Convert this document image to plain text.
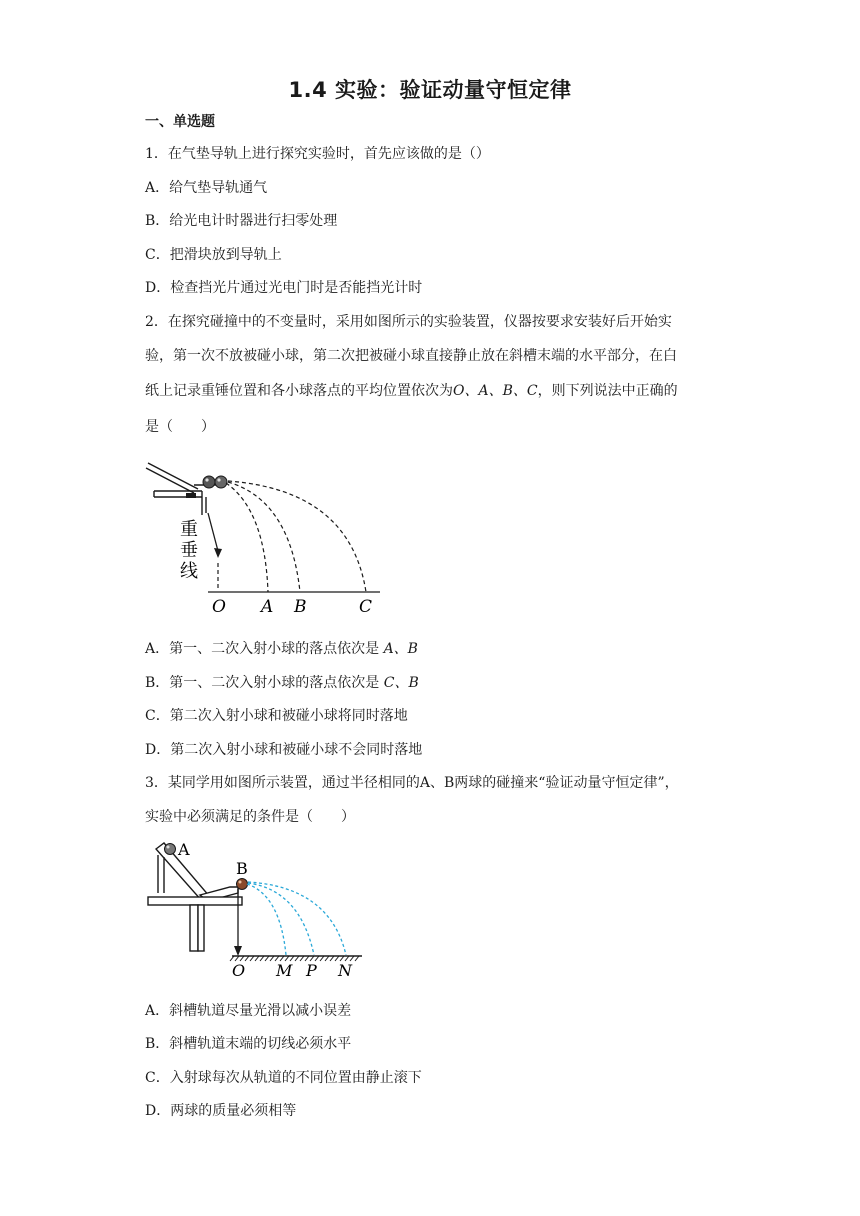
1.4 实验：验证动量守恒定律
一、单选题
1．在气垫导轨上进行探究实验时，首先应该做的是（）
A．给气垫导轨通气
B．给光电计时器进行扫零处理
C．把滑块放到导轨上
D．检查挡光片通过光电门时是否能挡光计时
2．在探究碰撞中的不变量时，采用如图所示的实验装置，仪器按要求安装好后开始实
验，第一次不放被碰小球，第二次把被碰小球直接静止放在斜槽末端的水平部分，在白
纸上记录重锤位置和各小球落点的平均位置依次为O、A、B、C，则下列说法中正确的
是（　　）
重
垂
线
O A B	C
A．第一、二次入射小球的落点依次是 A、B
B．第一、二次入射小球的落点依次是 C、B
C．第二次入射小球和被碰小球将同时落地
D．第二次入射小球和被碰小球不会同时落地
3．某同学用如图所示装置，通过半径相同的A、B两球的碰撞来“验证动量守恒定律”，
实验中必须满足的条件是（　　）
A
B
O M P N
A．斜槽轨道尽量光滑以减小误差
B．斜槽轨道末端的切线必须水平
C．入射球每次从轨道的不同位置由静止滚下
D．两球的质量必须相等
